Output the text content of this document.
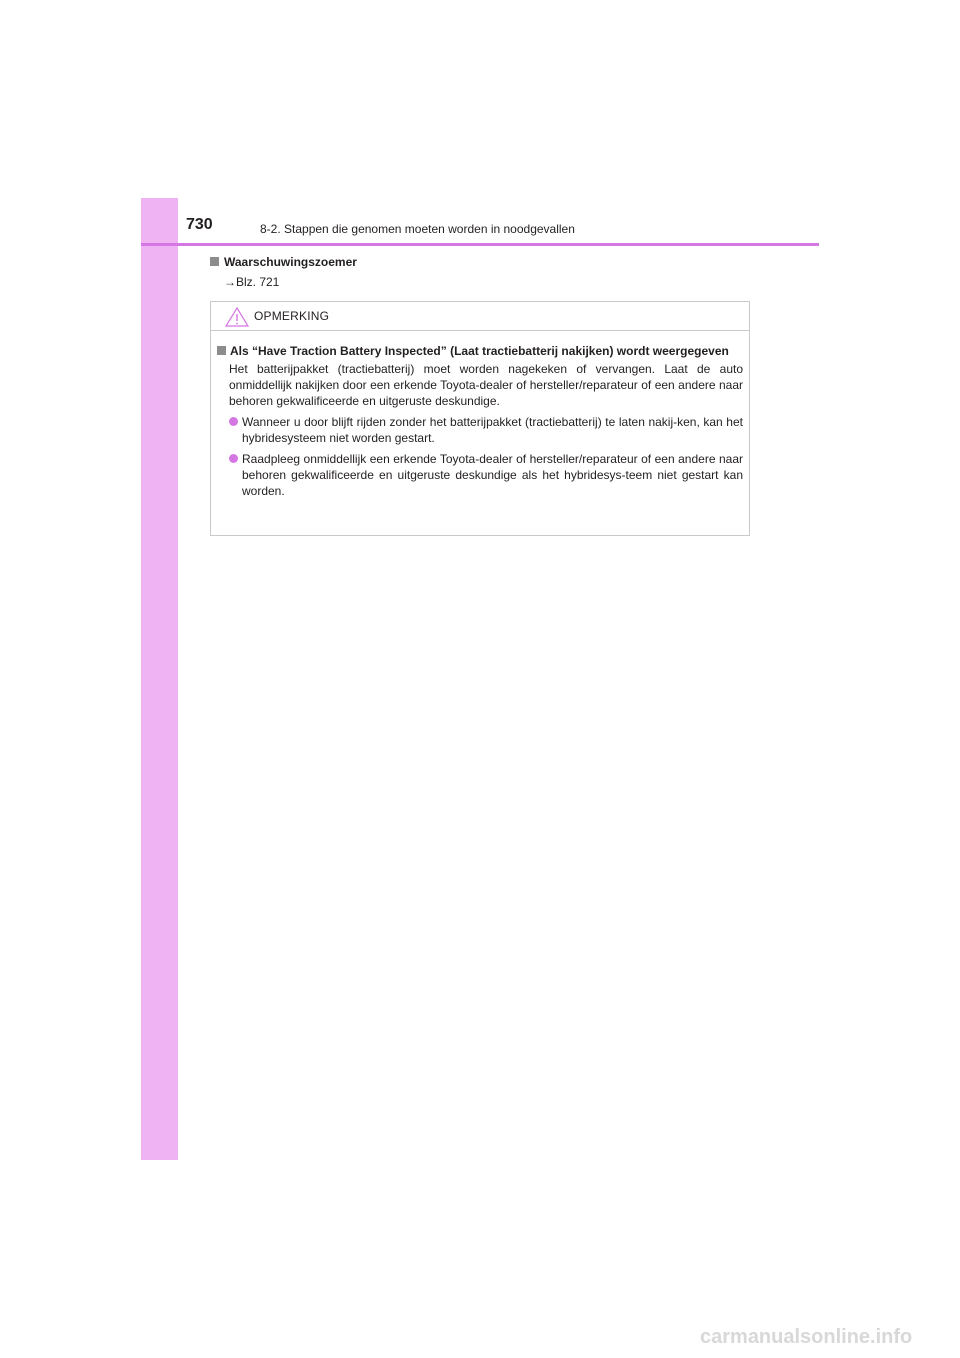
730	8-2. Stappen die genomen moeten worden in noodgevallen
Waarschuwingszoemer
→Blz. 721
OPMERKING
Als “Have Traction Battery Inspected” (Laat tractiebatterij nakijken) wordt weergegeven
Het batterijpakket (tractiebatterij) moet worden nagekeken of vervangen. Laat de auto onmiddellijk nakijken door een erkende Toyota-dealer of hersteller/reparateur of een andere naar behoren gekwalificeerde en uitgeruste deskundige.
Wanneer u door blijft rijden zonder het batterijpakket (tractiebatterij) te laten nakij-ken, kan het hybridesysteem niet worden gestart.
Raadpleeg onmiddellijk een erkende Toyota-dealer of hersteller/reparateur of een andere naar behoren gekwalificeerde en uitgeruste deskundige als het hybridesys-teem niet gestart kan worden.
carmanualsonline.info
